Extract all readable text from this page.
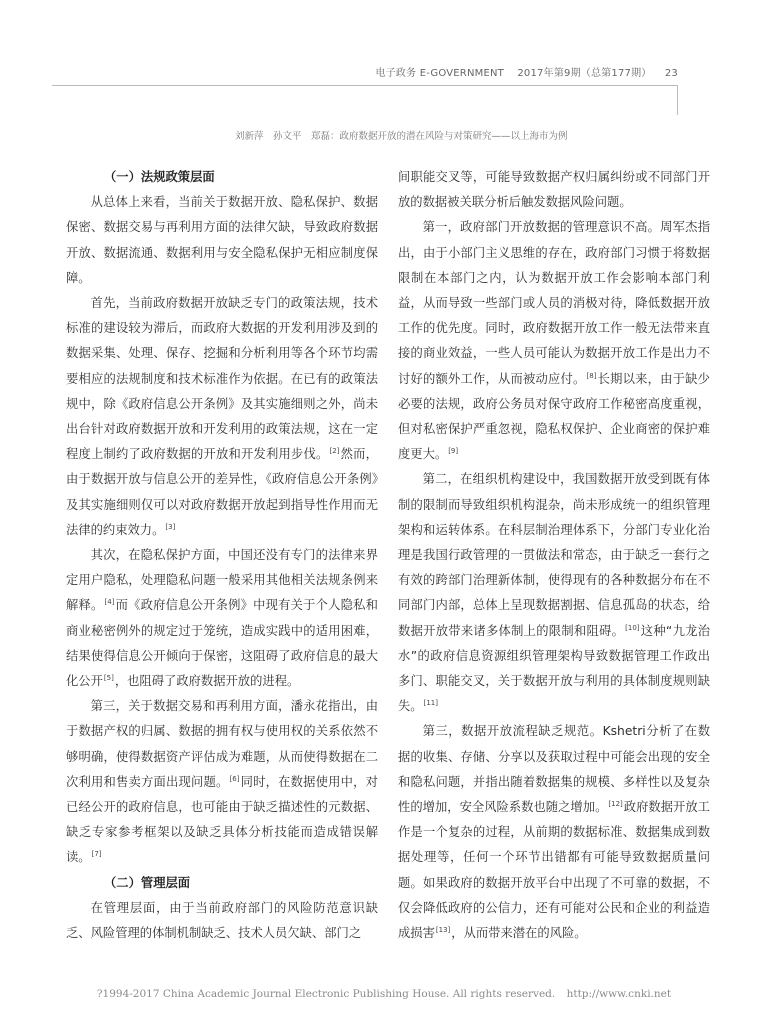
电子政务 E-GOVERNMENT 2017年第9期（总第177期） 23
刘新萍　孙文平　郑磊：政府数据开放的潜在风险与对策研究——以上海市为例
（一）法规政策层面

从总体上来看，当前关于数据开放、隐私保护、数据保密、数据交易与再利用方面的法律欠缺，导致政府数据开放、数据流通、数据利用与安全隐私保护无相应制度保障。

首先，当前政府数据开放缺乏专门的政策法规，技术标准的建设较为滞后，而政府大数据的开发利用涉及到的数据采集、处理、保存、挖掘和分析利用等各个环节均需要相应的法规制度和技术标准作为依据。在已有的政策法规中，除《政府信息公开条例》及其实施细则之外，尚未出台针对政府数据开放和开发利用的政策法规，这在一定程度上制约了政府数据的开放和开发利用步伐。[2]然而，由于数据开放与信息公开的差异性，《政府信息公开条例》及其实施细则仅可以对政府数据开放起到指导性作用而无法律的约束效力。[3]

其次，在隐私保护方面，中国还没有专门的法律来界定用户隐私，处理隐私问题一般采用其他相关法规条例来解释。[4]而《政府信息公开条例》中现有关于个人隐私和商业秘密例外的规定过于笼统，造成实践中的适用困难，结果使得信息公开倾向于保密，这阻碍了政府信息的最大化公开[5]，也阻碍了政府数据开放的进程。

第三，关于数据交易和再利用方面，潘永花指出，由于数据产权的归属、数据的拥有权与使用权的关系依然不够明确，使得数据资产评估成为难题，从而使得数据在二次利用和售卖方面出现问题。[6]同时，在数据使用中，对已经公开的政府信息，也可能由于缺乏描述性的元数据、缺乏专家参考框架以及缺乏具体分析技能而造成错误解读。[7]

（二）管理层面

在管理层面，由于当前政府部门的风险防范意识缺乏、风险管理的体制机制缺乏、技术人员欠缺、部门之

间职能交叉等，可能导致数据产权归属纠纷或不同部门开放的数据被关联分析后触发数据风险问题。

第一，政府部门开放数据的管理意识不高。周军杰指出，由于小部门主义思维的存在，政府部门习惯于将数据限制在本部门之内，认为数据开放工作会影响本部门利益，从而导致一些部门或人员的消极对待，降低数据开放工作的优先度。同时，政府数据开放工作一般无法带来直接的商业效益，一些人员可能认为数据开放工作是出力不讨好的额外工作，从而被动应付。[8]长期以来，由于缺少必要的法规，政府公务员对保守政府工作秘密高度重视，但对私密保护严重忽视，隐私权保护、企业商密的保护难度更大。[9]

第二，在组织机构建设中，我国数据开放受到既有体制的限制而导致组织机构混杂，尚未形成统一的组织管理架构和运转体系。在科层制治理体系下，分部门专业化治理是我国行政管理的一贯做法和常态，由于缺乏一套行之有效的跨部门治理新体制，使得现有的各种数据分布在不同部门内部，总体上呈现数据割据、信息孤岛的状态，给数据开放带来诸多体制上的限制和阻碍。[10]这种“九龙治水”的政府信息资源组织管理架构导致数据管理工作政出多门、职能交叉，关于数据开放与利用的具体制度规则缺失。[11]

第三，数据开放流程缺乏规范。Kshetri分析了在数据的收集、存储、分享以及获取过程中可能会出现的安全和隐私问题，并指出随着数据集的规模、多样性以及复杂性的增加，安全风险系数也随之增加。[12]政府数据开放工作是一个复杂的过程，从前期的数据标准、数据集成到数据处理等，任何一个环节出错都有可能导致数据质量问题。如果政府的数据开放平台中出现了不可靠的数据，不仅会降低政府的公信力，还有可能对公民和企业的利益造成损害[13]，从而带来潜在的风险。

?1994-2017 China Academic Journal Electronic Publishing House. All rights reserved. http://www.cnki.net
